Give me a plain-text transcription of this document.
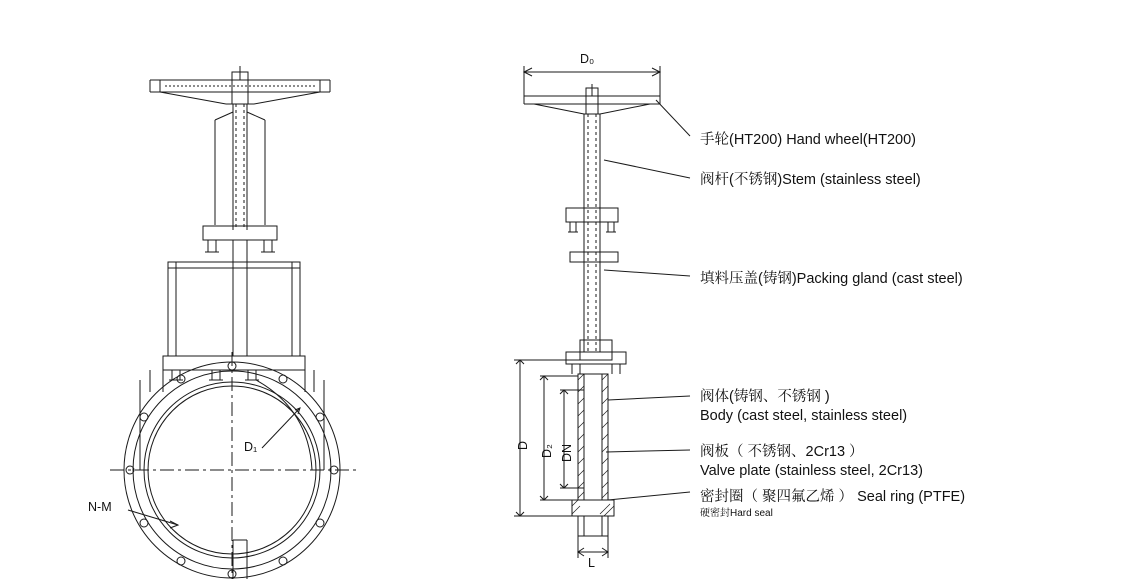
D₁
N-M
D₀
D D₂ DN
L
手轮(HT200) Hand wheel(HT200)
阀杆(不锈钢)Stem (stainless steel)
填料压盖(铸钢)Packing gland (cast steel)
阀体(铸钢、不锈钢 )
Body (cast steel, stainless steel)
阀板（ 不锈钢、2Cr13 ）
Valve plate (stainless steel, 2Cr13)
密封圈（ 聚四氟乙烯 ） Seal ring (PTFE)
硬密封Hard seal
